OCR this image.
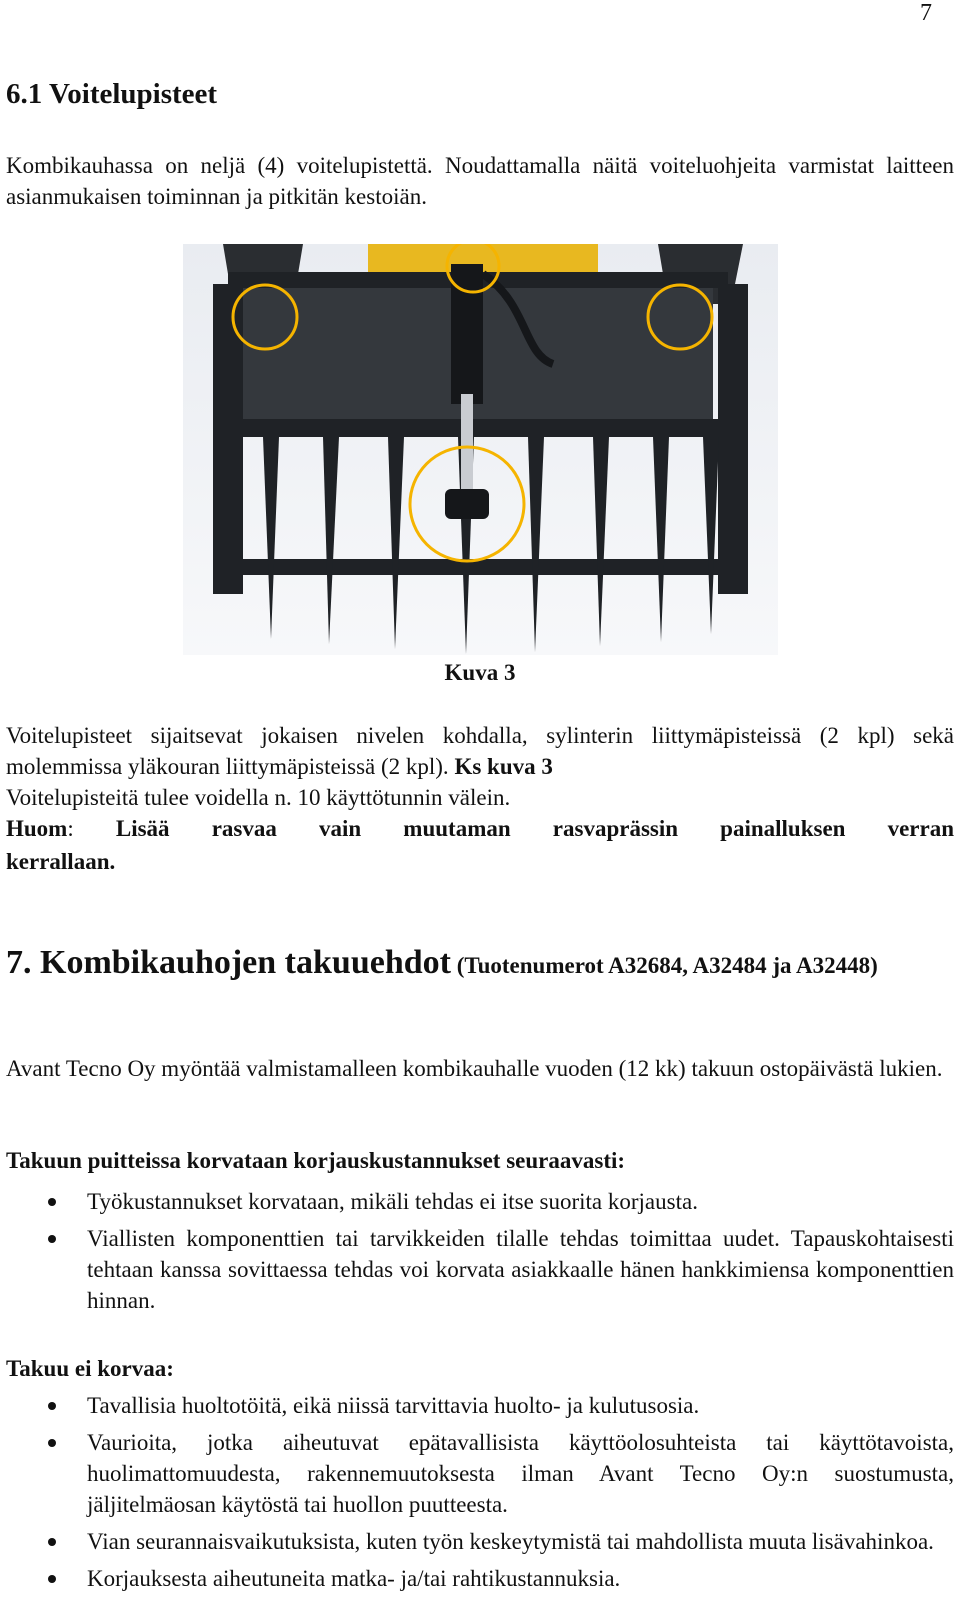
7
6.1 Voitelupisteet

Kombikauhassa on neljä (4) voitelupistettä. Noudattamalla näitä voiteluohjeita varmistat laitteen asianmukaisen toiminnan ja pitkitän kestoiän.

Kuva 3

Voitelupisteet sijaitsevat jokaisen nivelen kohdalla, sylinterin liittymäpisteissä (2 kpl) sekä molemmissa yläkouran liittymäpisteissä (2 kpl). Ks kuva 3

Voitelupisteitä tulee voidella n. 10 käyttötunnin välein.

Huom: Lisää rasvaa vain muutaman rasvaprässin painalluksen verran

kerrallaan.

7. Kombikauhojen takuuehdot (Tuotenumerot A32684, A32484 ja A32448)

Avant Tecno Oy myöntää valmistamalleen kombikauhalle vuoden (12 kk) takuun ostopäivästä lukien.

Takuun puitteissa korvataan korjauskustannukset seuraavasti:
Työkustannukset korvataan, mikäli tehdas ei itse suorita korjausta.
Viallisten komponenttien tai tarvikkeiden tilalle tehdas toimittaa uudet. Tapauskohtaisesti tehtaan kanssa sovittaessa tehdas voi korvata asiakkaalle hänen hankkimiensa komponenttien hinnan.
Takuu ei korvaa:
Tavallisia huoltotöitä, eikä niissä tarvittavia huolto- ja kulutusosia.
Vaurioita, jotka aiheutuvat epätavallisista käyttöolosuhteista tai käyttötavoista, huolimattomuudesta, rakennemuutoksesta ilman Avant Tecno Oy:n suostumusta, jäljitelmäosan käytöstä tai huollon puutteesta.
Vian seurannaisvaikutuksista, kuten työn keskeytymistä tai mahdollista muuta lisävahinkoa.
Korjauksesta aiheutuneita matka- ja/tai rahtikustannuksia.
